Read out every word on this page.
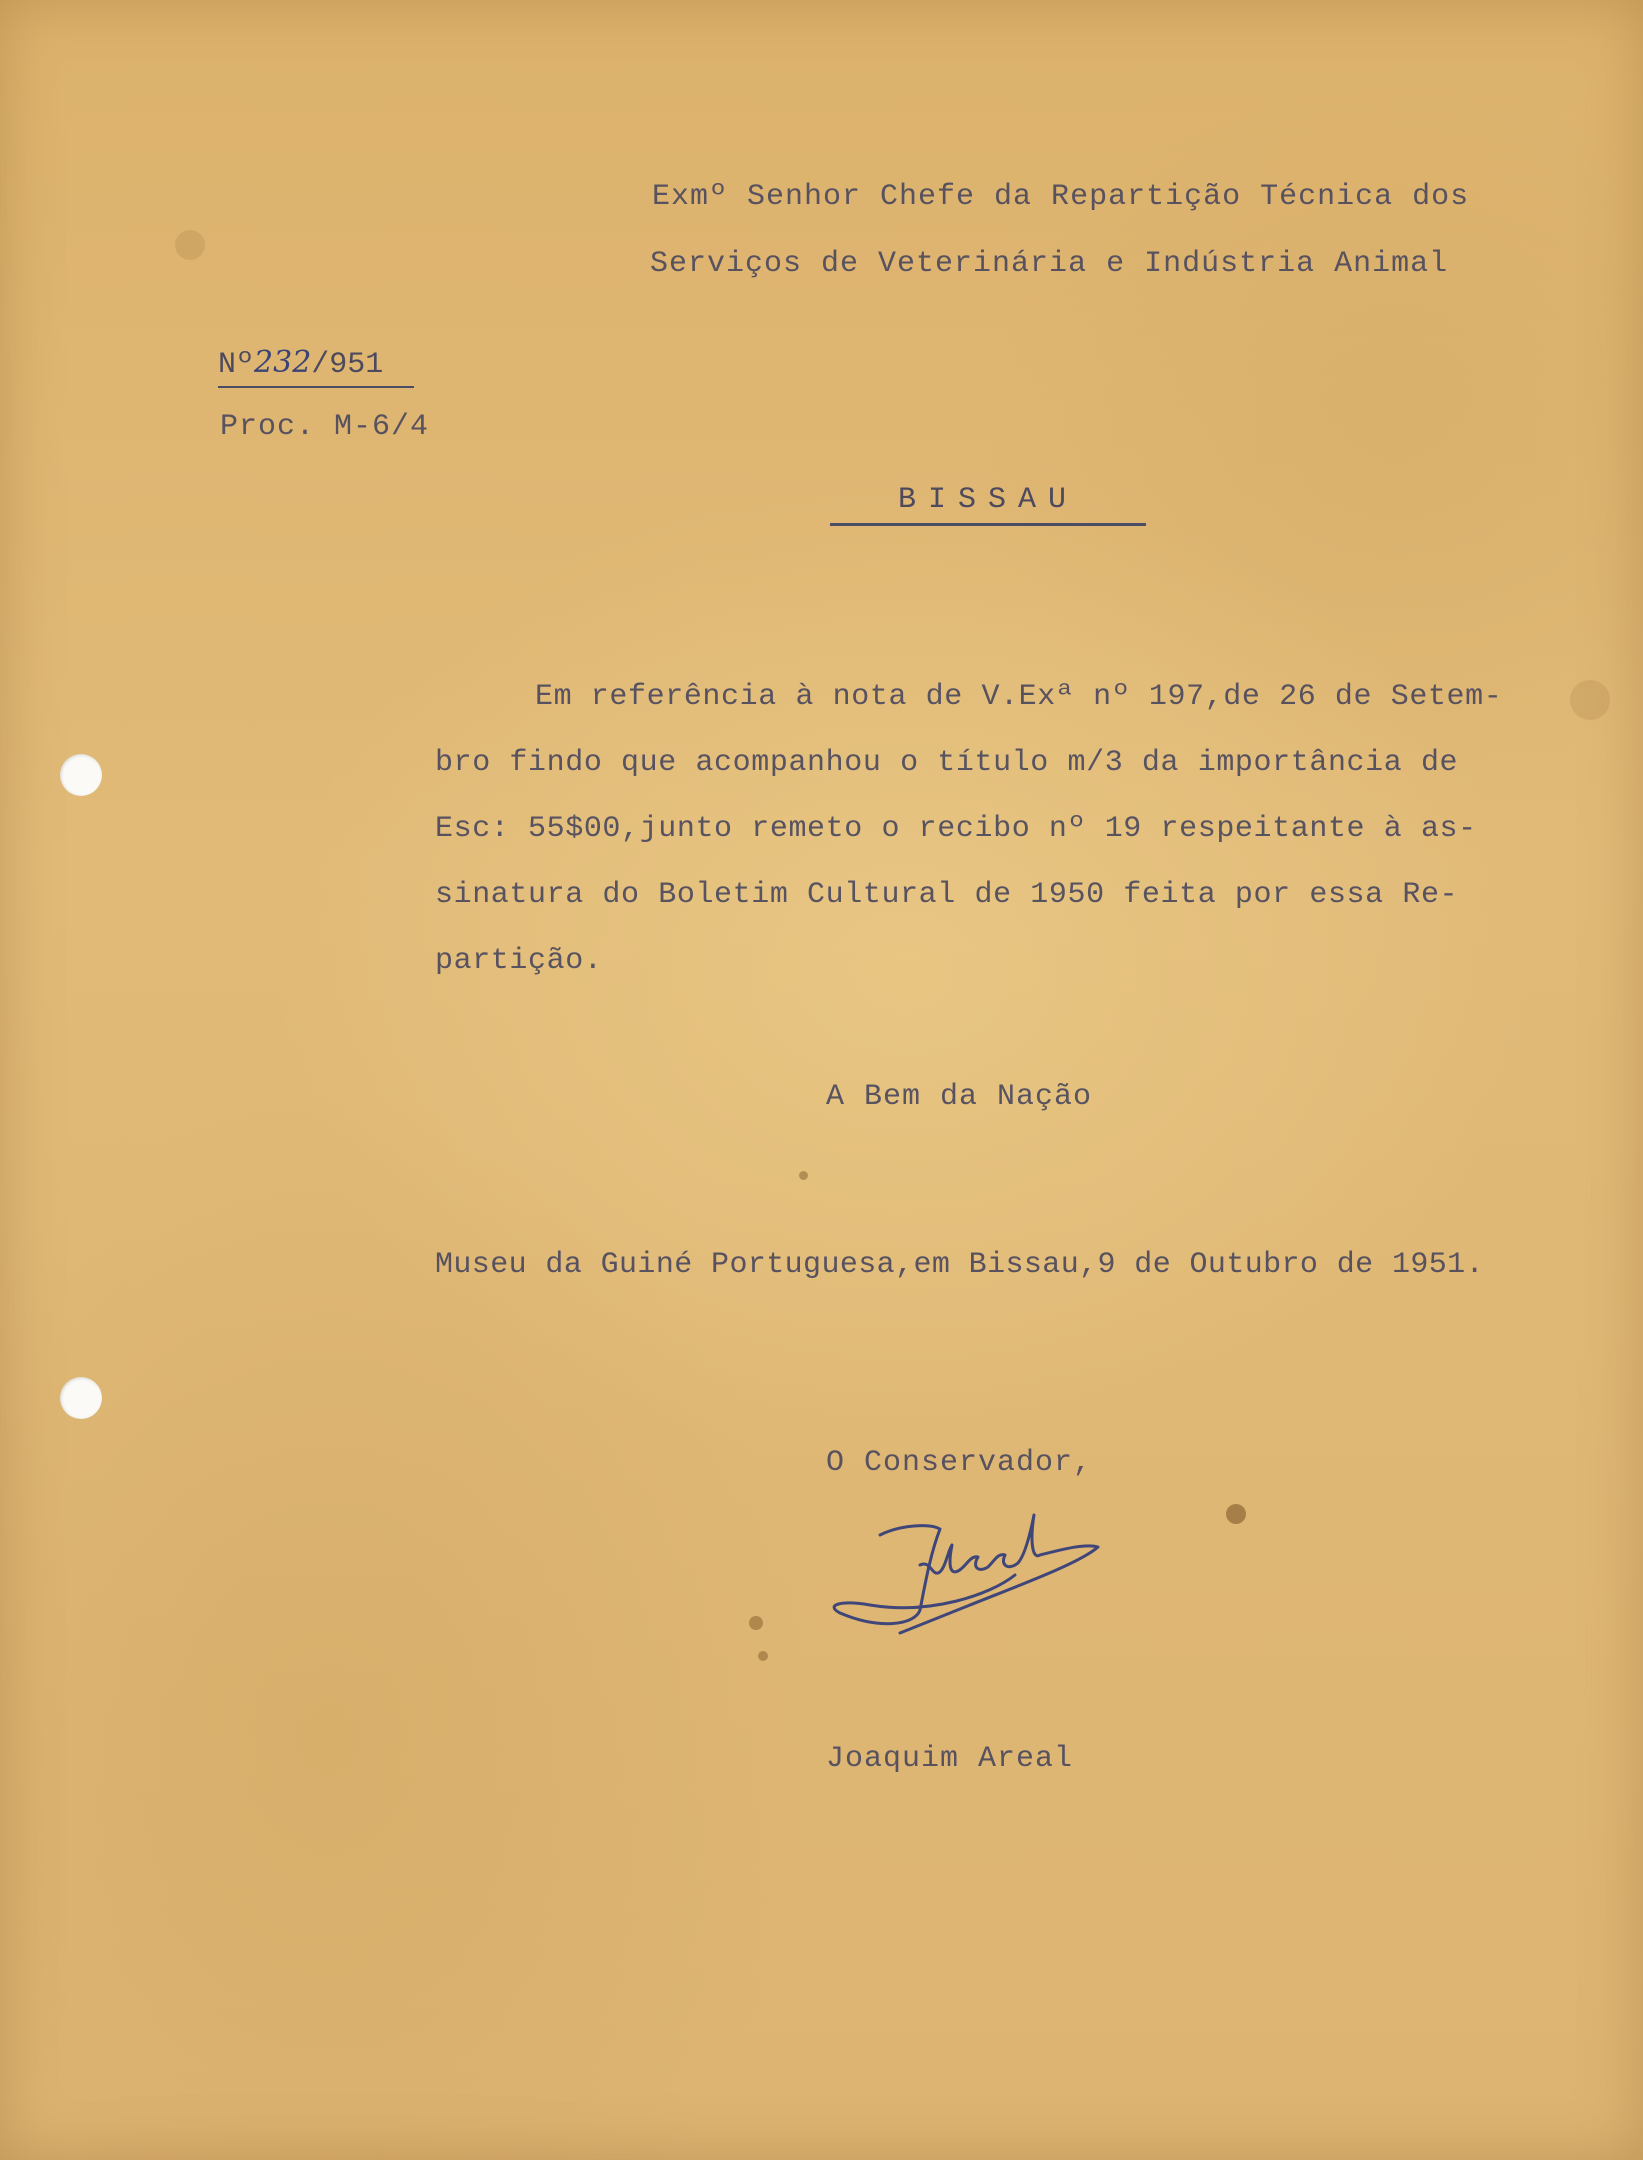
Exmº Senhor Chefe da Repartição Técnica dos

Serviços de Veterinária e Indústria Animal

Nº232/951

Proc. M-6/4

BISSAU

Em referência à nota de V.Exª nº 197,de 26 de Setem-

bro findo que acompanhou o título m/3 da importância de

Esc: 55$00,junto remeto o recibo nº 19 respeitante à as-

sinatura do Boletim Cultural de 1950 feita por essa Re-

partição.

A Bem da Nação

Museu da Guiné Portuguesa,em Bissau,9 de Outubro de 1951.

O Conservador,

Joaquim Areal
